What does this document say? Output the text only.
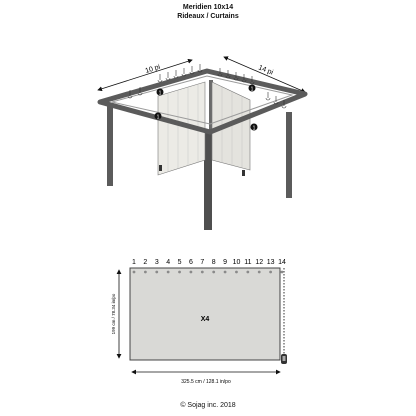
Meridien 10x14
Rideaux / Curtains
10 pi	14 pi
1
1
1
1
1 2 3 4 5 6 7 8 9 10 11 12 13 14
X4
199 cm / 78.34 in/po
325.5 cm / 128.1 in/po
© Sojag inc. 2018
